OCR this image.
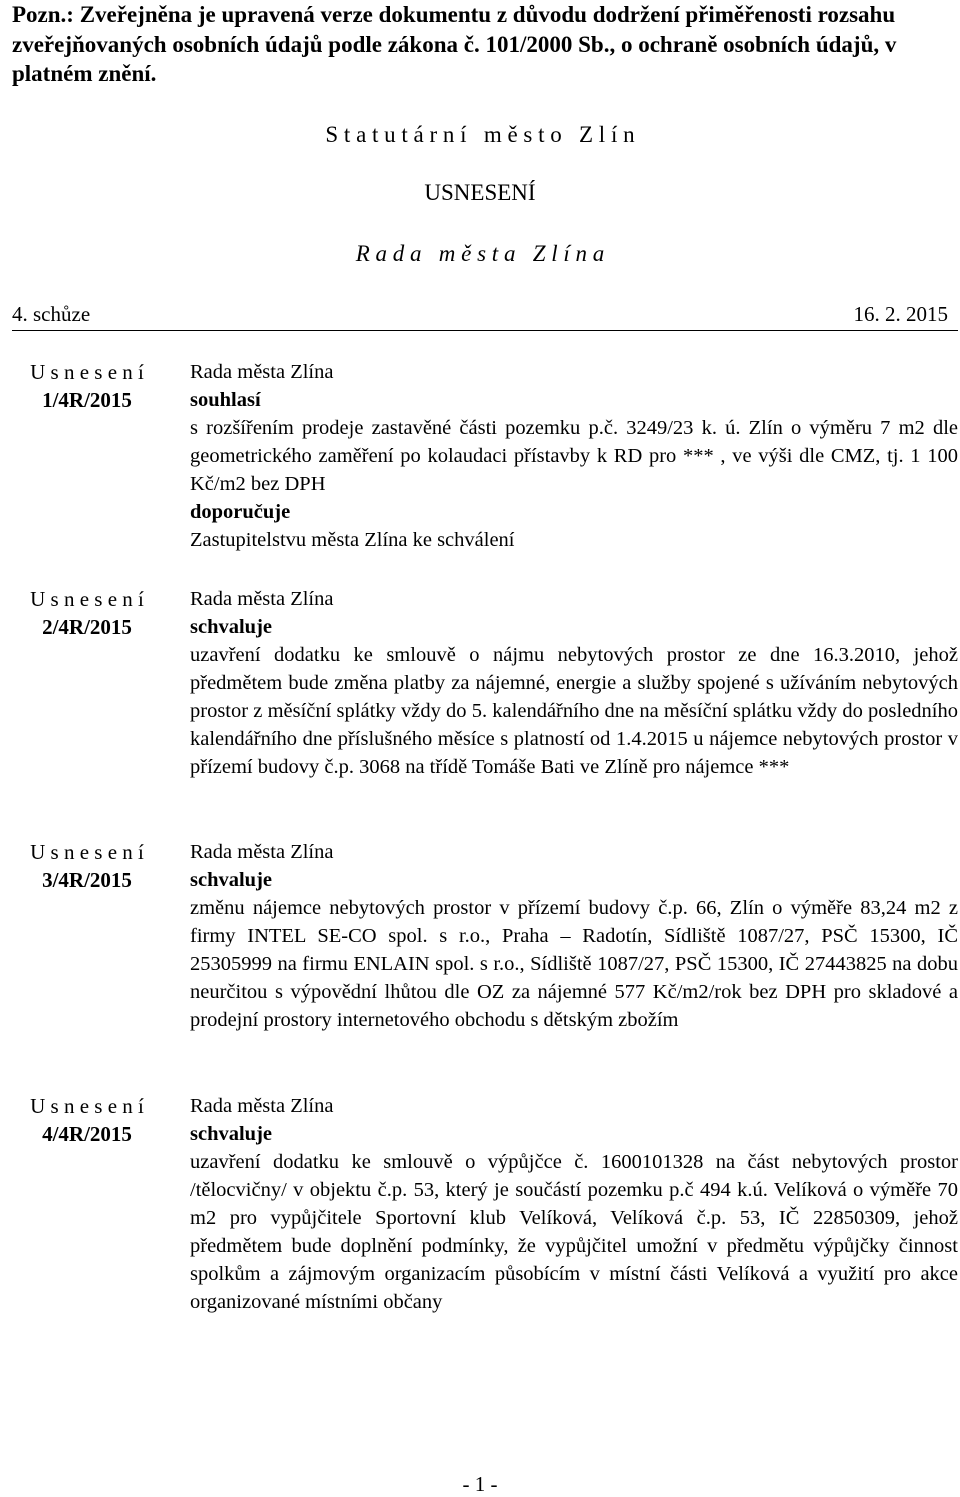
Pozn.: Zveřejněna je upravená verze dokumentu z důvodu dodržení přiměřenosti rozsahu zveřejňovaných osobních údajů podle zákona č. 101/2000 Sb., o ochraně osobních údajů, v platném znění.
S t a t u t á r n í   m ě s t o   Z l í n
USNESENÍ
R a d a   m ě s t a   Z l í n a
4. schůze	16. 2. 2015
U s n e s e n í
1/4R/2015
Rada města Zlína
souhlasí
s rozšířením prodeje zastavěné části pozemku p.č. 3249/23 k. ú. Zlín o výměru 7 m2 dle geometrického zaměření po kolaudaci přístavby k RD pro *** , ve výši dle CMZ, tj. 1 100 Kč/m2 bez DPH
doporučuje
Zastupitelstvu města Zlína ke schválení
U s n e s e n í
2/4R/2015
Rada města Zlína
schvaluje
uzavření dodatku ke smlouvě o nájmu nebytových prostor ze dne 16.3.2010, jehož předmětem bude změna platby za nájemné, energie a služby spojené s užíváním nebytových prostor z měsíční splátky vždy do 5. kalendářního dne na měsíční splátku vždy do posledního kalendářního dne příslušného měsíce s platností od 1.4.2015 u nájemce nebytových prostor v přízemí budovy č.p. 3068 na třídě Tomáše Bati ve Zlíně pro nájemce ***
U s n e s e n í
3/4R/2015
Rada města Zlína
schvaluje
změnu nájemce nebytových prostor v přízemí budovy č.p. 66, Zlín o výměře 83,24 m2 z firmy INTEL SE-CO spol. s r.o., Praha – Radotín, Sídliště 1087/27, PSČ 15300, IČ 25305999 na firmu ENLAIN spol. s r.o., Sídliště 1087/27, PSČ 15300, IČ 27443825 na dobu neurčitou s výpovědní lhůtou dle OZ za nájemné 577 Kč/m2/rok bez DPH pro skladové a prodejní prostory internetového obchodu s dětským zbožím
U s n e s e n í
4/4R/2015
Rada města Zlína
schvaluje
uzavření dodatku ke smlouvě o výpůjčce č. 1600101328 na část nebytových prostor /tělocvičny/ v objektu č.p. 53, který je součástí pozemku p.č 494 k.ú. Velíková o výměře 70 m2 pro vypůjčitele Sportovní klub Velíková, Velíková č.p. 53, IČ 22850309, jehož předmětem bude doplnění podmínky, že vypůjčitel umožní v předmětu výpůjčky činnost spolkům a zájmovým organizacím působícím v místní části Velíková a využití pro akce organizované místními občany
- 1 -
